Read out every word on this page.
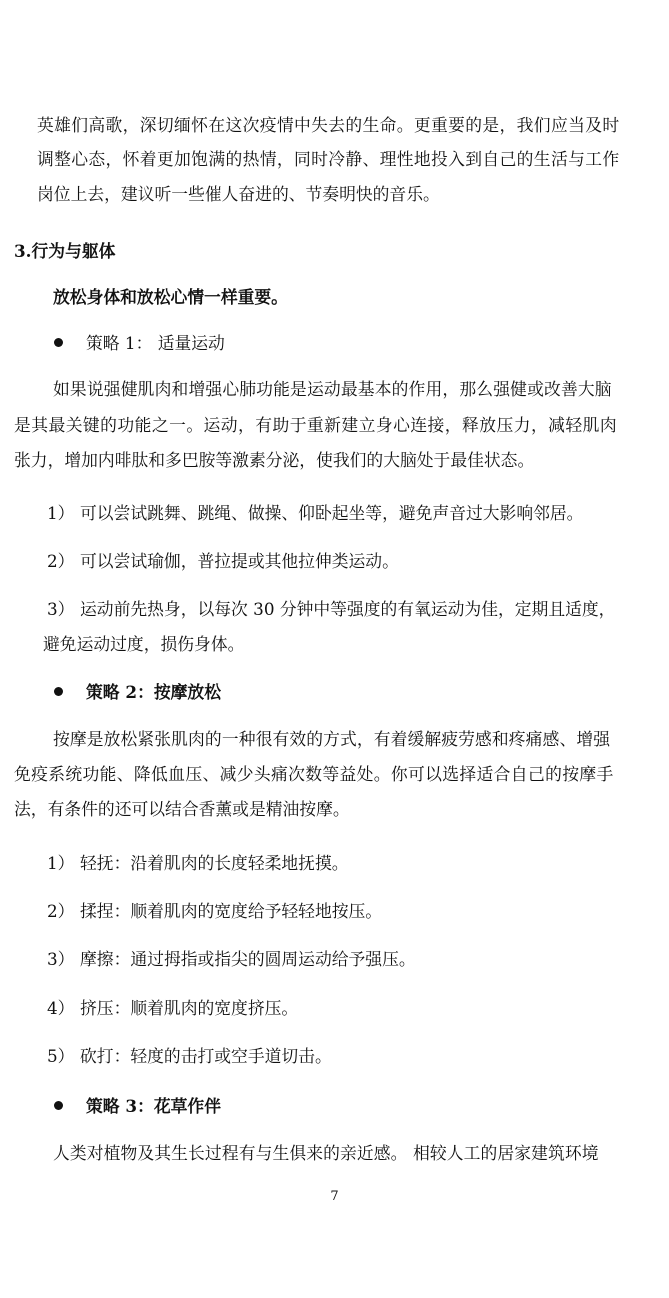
英雄们高歌，深切缅怀在这次疫情中失去的生命。更重要的是，我们应当及时
调整心态，怀着更加饱满的热情，同时冷静、理性地投入到自己的生活与工作
岗位上去，建议听一些催人奋进的、节奏明快的音乐。
3.行为与躯体
放松身体和放松心情一样重要。
策略 1： 适量运动
如果说强健肌肉和增强心肺功能是运动最基本的作用，那么强健或改善大脑
是其最关键的功能之一。运动，有助于重新建立身心连接，释放压力，减轻肌肉
张力，增加内啡肽和多巴胺等激素分泌，使我们的大脑处于最佳状态。
1） 可以尝试跳舞、跳绳、做操、仰卧起坐等，避免声音过大影响邻居。
2） 可以尝试瑜伽，普拉提或其他拉伸类运动。
3） 运动前先热身，以每次 30 分钟中等强度的有氧运动为佳，定期且适度，
避免运动过度，损伤身体。
策略 2：按摩放松
按摩是放松紧张肌肉的一种很有效的方式，有着缓解疲劳感和疼痛感、增强
免疫系统功能、降低血压、减少头痛次数等益处。你可以选择适合自己的按摩手
法，有条件的还可以结合香薰或是精油按摩。
1） 轻抚：沿着肌肉的长度轻柔地抚摸。
2） 揉捏：顺着肌肉的宽度给予轻轻地按压。
3） 摩擦：通过拇指或指尖的圆周运动给予强压。
4） 挤压：顺着肌肉的宽度挤压。
5） 砍打：轻度的击打或空手道切击。
策略 3：花草作伴
人类对植物及其生长过程有与生俱来的亲近感。 相较人工的居家建筑环境
7
